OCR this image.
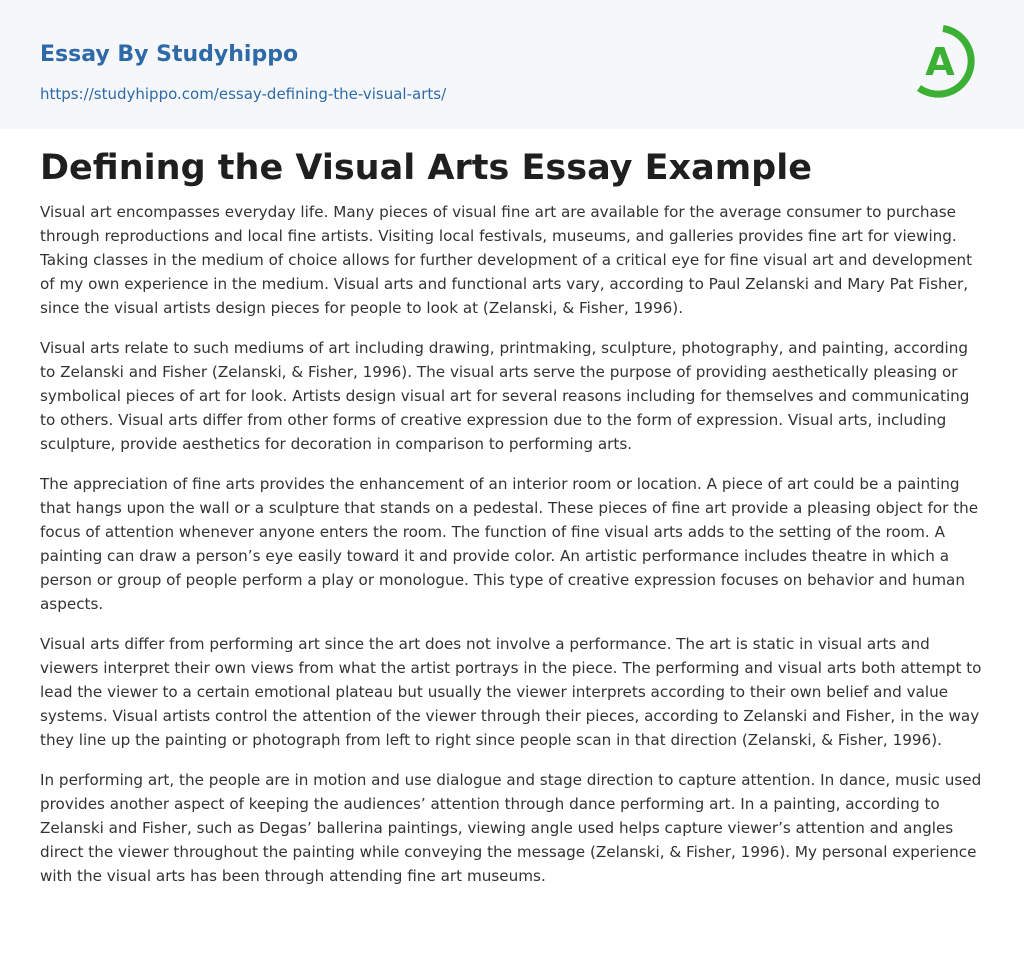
Essay By Studyhippo
https://studyhippo.com/essay-defining-the-visual-arts/
A
Defining the Visual Arts Essay Example

Visual art encompasses everyday life. Many pieces of visual fine art are available for the average consumer to purchase through reproductions and local fine artists. Visiting local festivals, museums, and galleries provides fine art for viewing. Taking classes in the medium of choice allows for further development of a critical eye for fine visual art and development of my own experience in the medium. Visual arts and functional arts vary, according to Paul Zelanski and Mary Pat Fisher, since the visual artists design pieces for people to look at (Zelanski, & Fisher, 1996).

Visual arts relate to such mediums of art including drawing, printmaking, sculpture, photography, and painting, according to Zelanski and Fisher (Zelanski, & Fisher, 1996). The visual arts serve the purpose of providing aesthetically pleasing or symbolical pieces of art for look. Artists design visual art for several reasons including for themselves and communicating to others. Visual arts differ from other forms of creative expression due to the form of expression. Visual arts, including sculpture, provide aesthetics for decoration in comparison to performing arts.

The appreciation of fine arts provides the enhancement of an interior room or location. A piece of art could be a painting that hangs upon the wall or a sculpture that stands on a pedestal. These pieces of fine art provide a pleasing object for the focus of attention whenever anyone enters the room. The function of fine visual arts adds to the setting of the room. A painting can draw a person’s eye easily toward it and provide color. An artistic performance includes theatre in which a person or group of people perform a play or monologue. This type of creative expression focuses on behavior and human aspects.

Visual arts differ from performing art since the art does not involve a performance. The art is static in visual arts and viewers interpret their own views from what the artist portrays in the piece. The performing and visual arts both attempt to lead the viewer to a certain emotional plateau but usually the viewer interprets according to their own belief and value systems. Visual artists control the attention of the viewer through their pieces, according to Zelanski and Fisher, in the way they line up the painting or photograph from left to right since people scan in that direction (Zelanski, & Fisher, 1996).

In performing art, the people are in motion and use dialogue and stage direction to capture attention. In dance, music used provides another aspect of keeping the audiences’ attention through dance performing art. In a painting, according to Zelanski and Fisher, such as Degas’ ballerina paintings, viewing angle used helps capture viewer’s attention and angles direct the viewer throughout the painting while conveying the message (Zelanski, & Fisher, 1996). My personal experience with the visual arts has been through attending fine art museums.
